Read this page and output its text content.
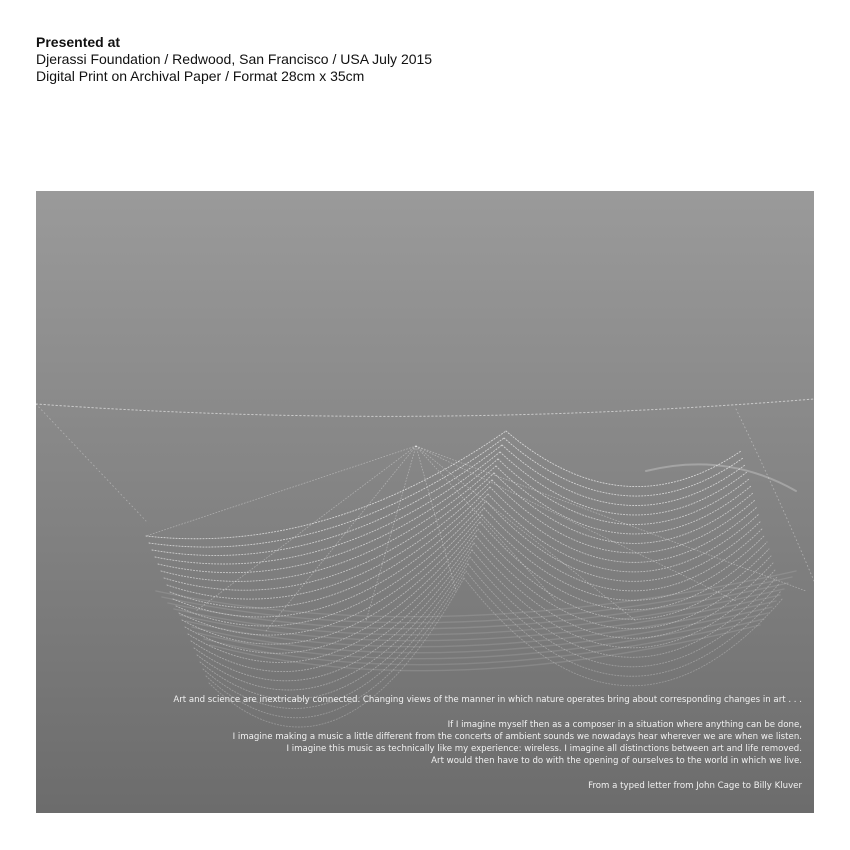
Presented at
Djerassi Foundation / Redwood, San Francisco / USA July 2015
Digital Print on Archival Paper / Format 28cm x 35cm
Art and science are inextricably connected. Changing views of the manner in which nature operates bring about corresponding changes in art . . .
If I imagine myself then as a composer in a situation where anything can be done,
I imagine making a music a little different from the concerts of ambient sounds we nowadays hear wherever we are when we listen.
I imagine this music as technically like my experience: wireless. I imagine all distinctions between art and life removed.
Art would then have to do with the opening of ourselves to the world in which we live.
From a typed letter from John Cage to Billy Kluver
